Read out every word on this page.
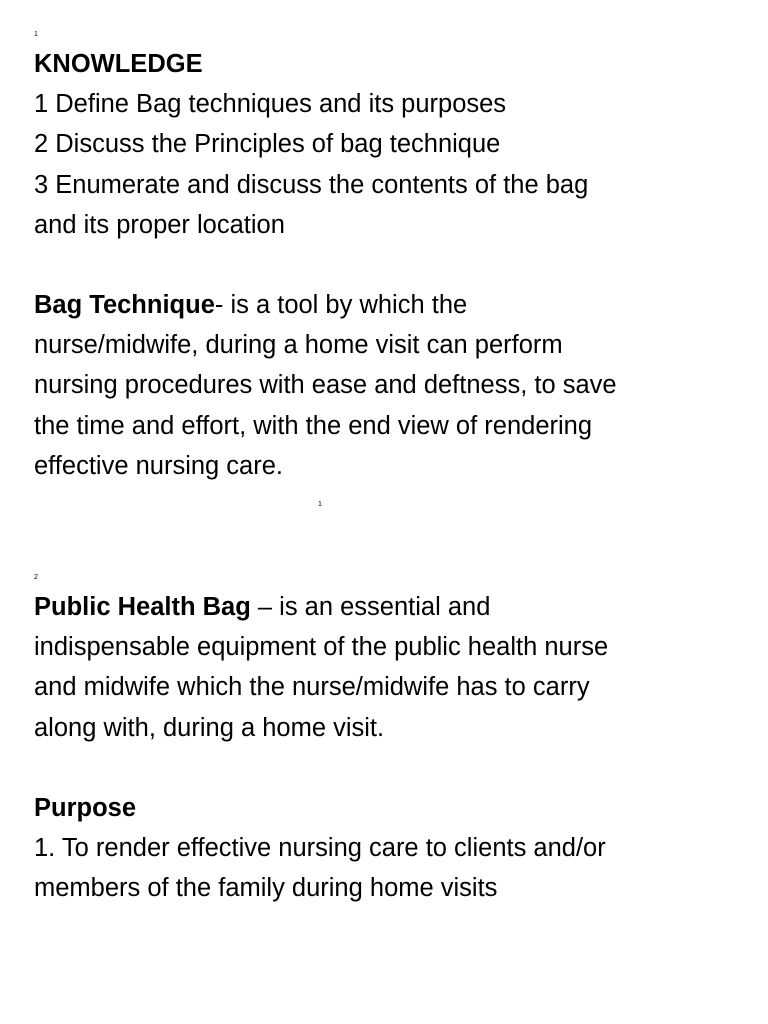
1

KNOWLEDGE

1 Define Bag techniques and its purposes

2 Discuss the Principles of bag technique

3 Enumerate and discuss the contents of the bag

and its proper location

Bag Technique- is a tool by which the

nurse/midwife, during a home visit can perform

nursing procedures with ease and deftness, to save

the time and effort, with the end view of rendering

effective nursing care.

1
2

Public Health Bag – is an essential and

indispensable equipment of the public health nurse

and midwife which the nurse/midwife has to carry

along with, during a home visit.

Purpose

1. To render effective nursing care to clients and/or

members of the family during home visits
